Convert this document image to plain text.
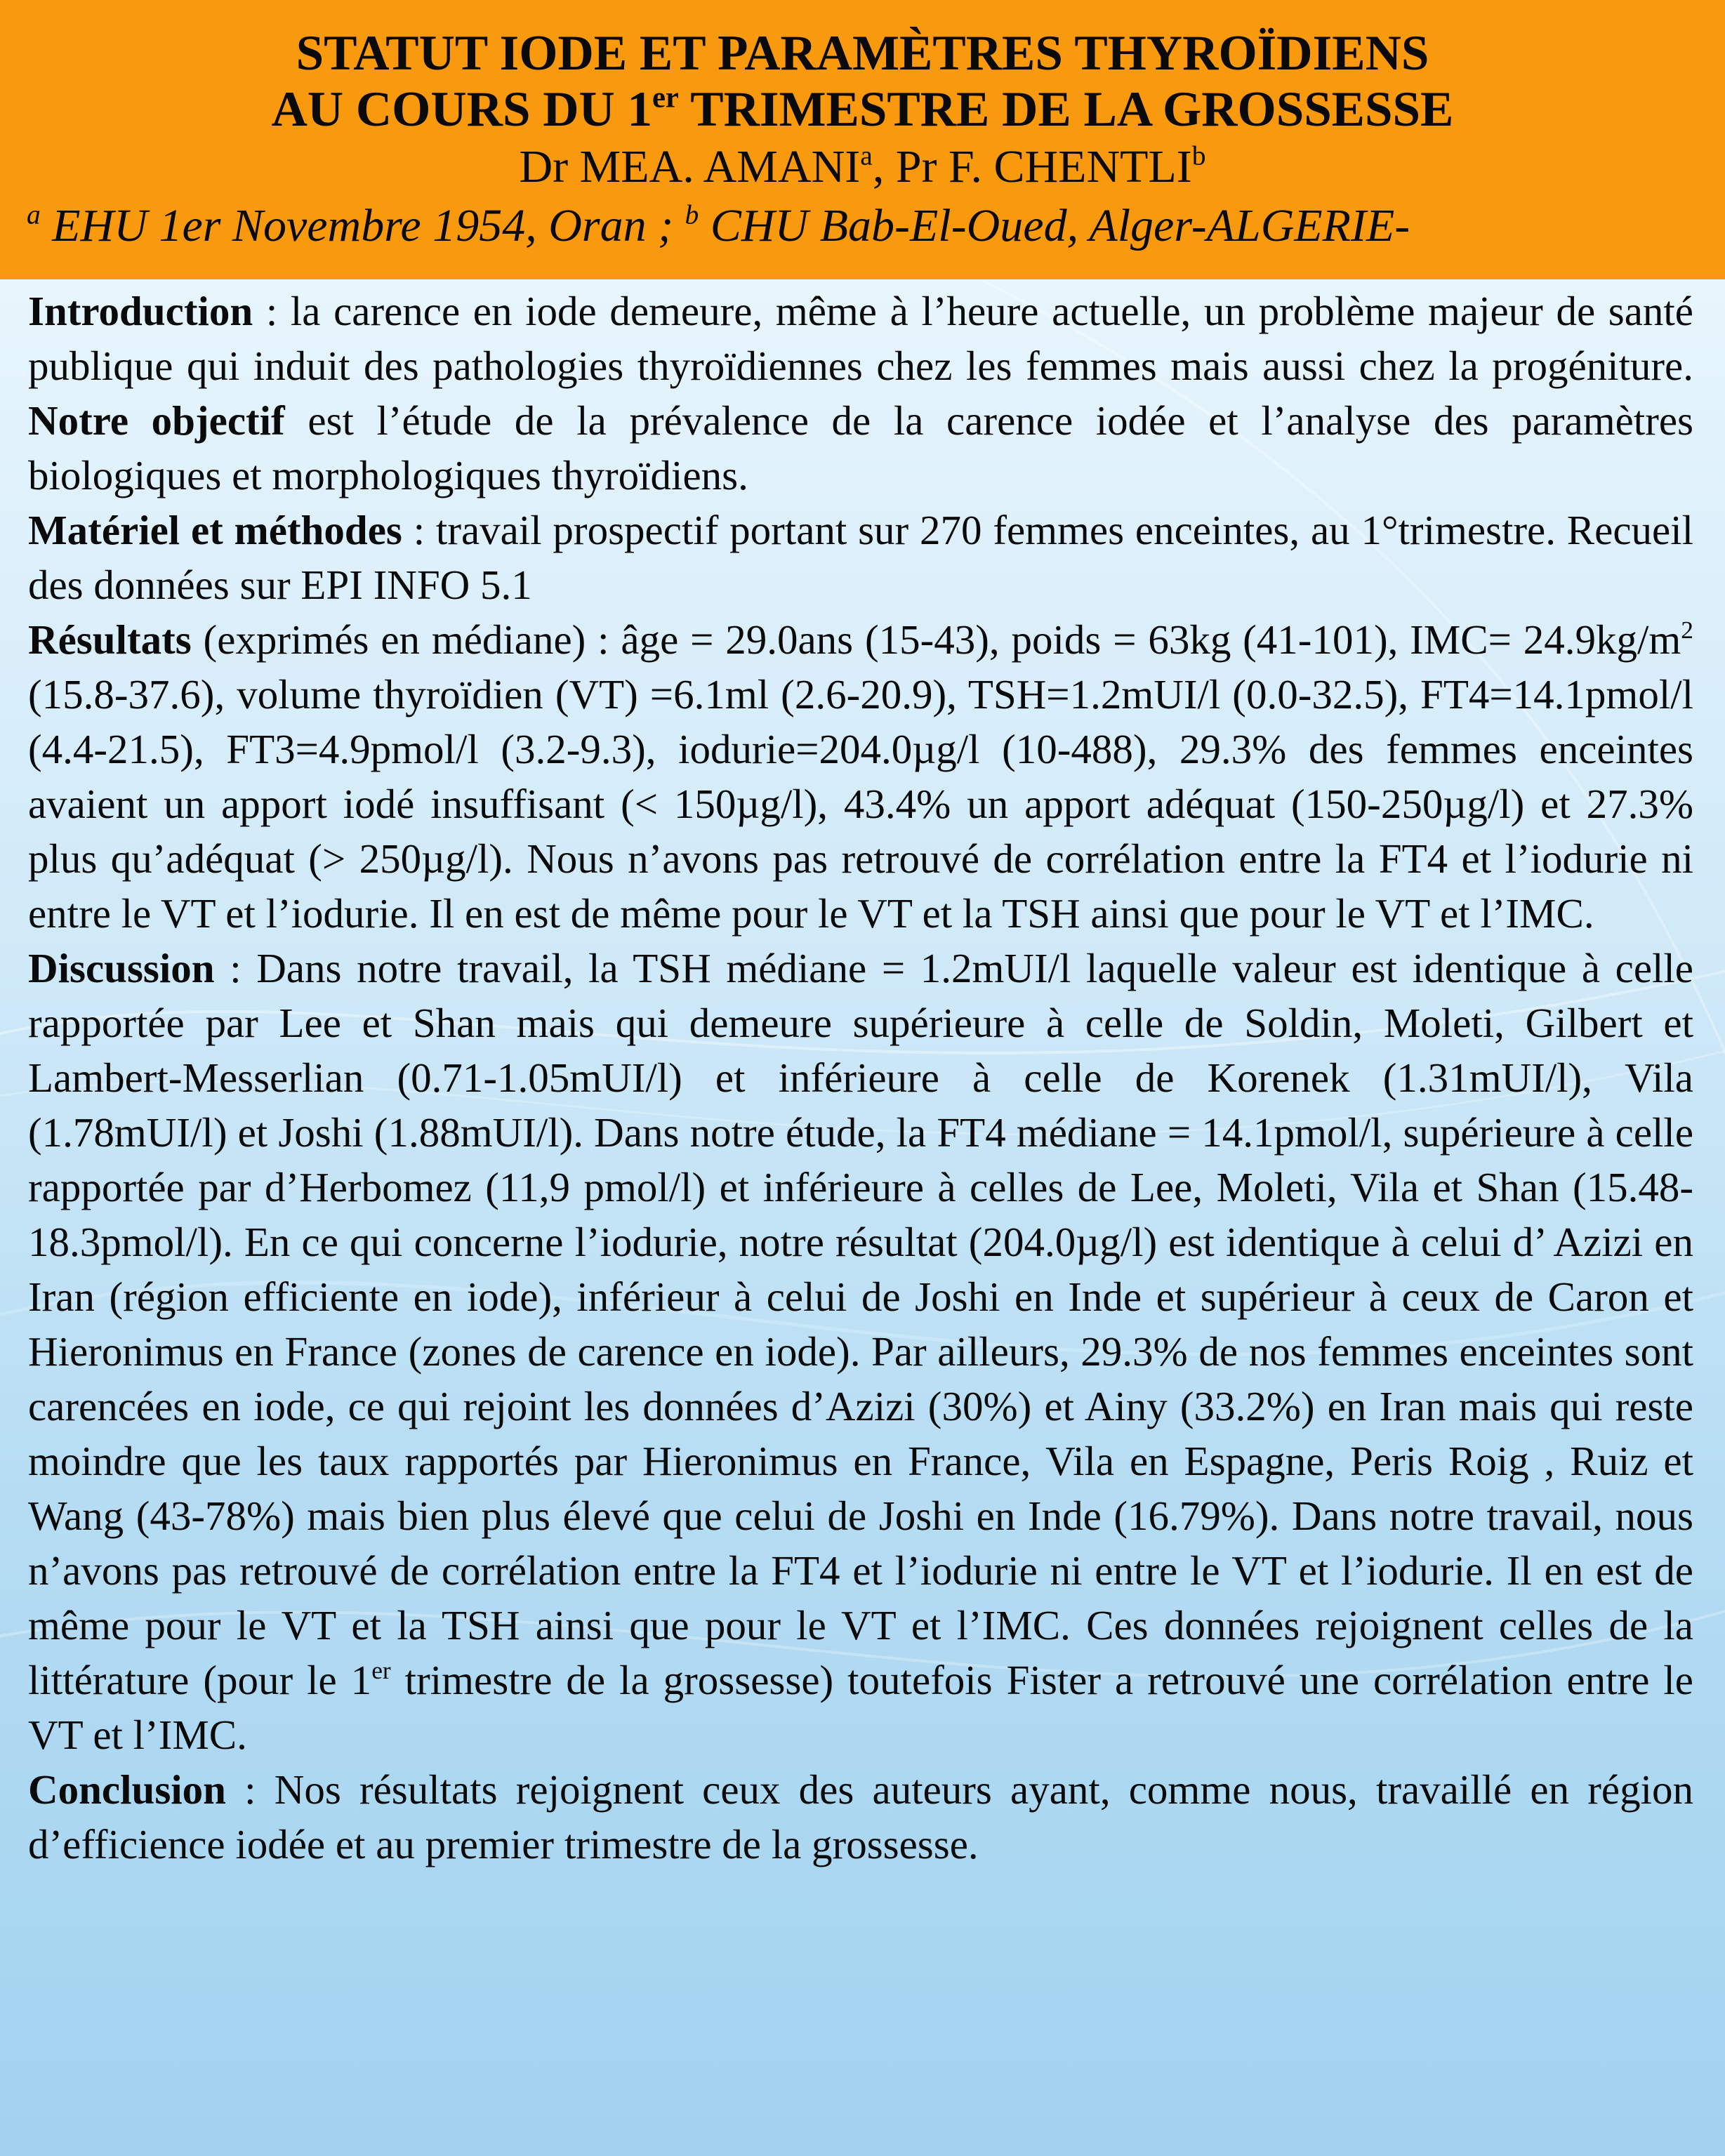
STATUT IODE ET PARAMÈTRES THYROÏDIENS
AU COURS DU 1er TRIMESTRE DE LA GROSSESSE
Dr MEA. AMANI$^a$, Pr F. CHENTLI$^b$
$^a$ EHU 1er Novembre 1954, Oran ; $^b$ CHU Bab-El-Oued, Alger-ALGERIE-

Introduction : la carence en iode demeure, même à l’heure actuelle, un problème majeur de santé publique qui induit des pathologies thyroïdiennes chez les femmes mais aussi chez la progéniture. Notre objectif est l’étude de la prévalence de la carence iodée et l’analyse des paramètres biologiques et morphologiques thyroïdiens.

Matériel et méthodes : travail prospectif portant sur 270 femmes enceintes, au 1°trimestre. Recueil des données sur EPI INFO 5.1

Résultats (exprimés en médiane) : âge = 29.0ans (15-43), poids = 63kg (41-101), $IMC= 24.9kg/m^2$ (15.8-37.6), volume thyroïdien (VT) =6.1ml (2.6-20.9), TSH=1.2mUI/l (0.0-32.5), FT4=14.1pmol/l (4.4-21.5), FT3=4.9pmol/l (3.2-9.3), iodurie=204.0µg/l (10-488), 29.3% des femmes enceintes avaient un apport iodé insuffisant (< 150µg/l), 43.4% un apport adéquat (150-250µg/l) et 27.3% plus qu’adéquat (> 250µg/l). Nous n’avons pas retrouvé de corrélation entre la FT4 et l’iodurie ni entre le VT et l’iodurie. Il en est de même pour le VT et la TSH ainsi que pour le VT et l’IMC.

Discussion : Dans notre travail, la TSH médiane = 1.2mUI/l laquelle valeur est identique à celle rapportée par Lee et Shan mais qui demeure supérieure à celle de Soldin, Moleti, Gilbert et Lambert-Messerlian (0.71-1.05mUI/l) et inférieure à celle de Korenek (1.31mUI/l), Vila (1.78mUI/l) et Joshi (1.88mUI/l). Dans notre étude, la FT4 médiane = 14.1pmol/l, supérieure à celle rapportée par d’Herbomez (11,9 pmol/l) et inférieure à celles de Lee, Moleti, Vila et Shan (15.48- 18.3pmol/l). En ce qui concerne l’iodurie, notre résultat (204.0µg/l) est identique à celui d’ Azizi en Iran (région efficiente en iode), inférieur à celui de Joshi en Inde et supérieur à ceux de Caron et Hieronimus en France (zones de carence en iode). Par ailleurs, 29.3% de nos femmes enceintes sont carencées en iode, ce qui rejoint les données d’Azizi (30%) et Ainy (33.2%) en Iran mais qui reste moindre que les taux rapportés par Hieronimus en France, Vila en Espagne, Peris Roig , Ruiz et Wang (43-78%) mais bien plus élevé que celui de Joshi en Inde (16.79%). Dans notre travail, nous n’avons pas retrouvé de corrélation entre la FT4 et l’iodurie ni entre le VT et l’iodurie. Il en est de même pour le VT et la TSH ainsi que pour le VT et l’IMC. Ces données rejoignent celles de la littérature (pour le 1er trimestre de la grossesse) toutefois Fister a retrouvé une corrélation entre le VT et l’IMC.

Conclusion : Nos résultats rejoignent ceux des auteurs ayant, comme nous, travaillé en région d’efficience iodée et au premier trimestre de la grossesse.
